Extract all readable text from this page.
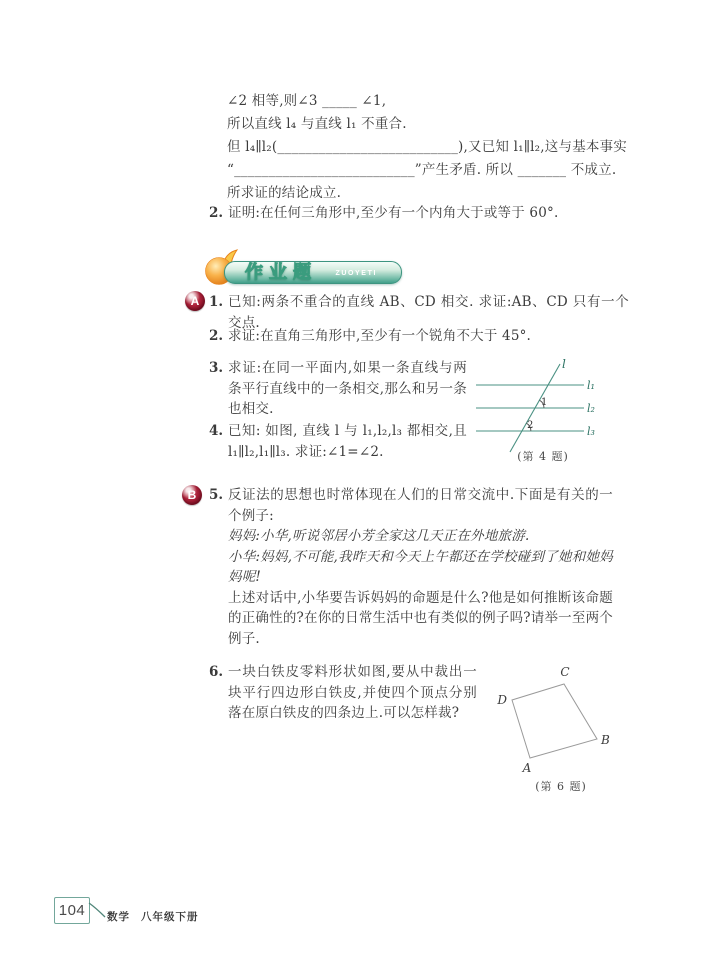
∠2 相等,则∠3 _____ ∠1,
所以直线 l₄ 与直线 l₁ 不重合.
但 l₄∥l₂(__________________________),又已知 l₁∥l₂,这与基本事实
“__________________________”产生矛盾. 所以 _______ 不成立.
所求证的结论成立.
2. 证明:在任何三角形中,至少有一个内角大于或等于 60°.
作业题	ZUOYETI
A 1. 已知:两条不重合的直线 AB、CD 相交. 求证:AB、CD 只有一个交点.
2. 求证:在直角三角形中,至少有一个锐角不大于 45°.
3. 求证:在同一平面内,如果一条直线与两条平行直线中的一条相交,那么和另一条也相交.
4. 已知: 如图, 直线 l 与 l₁,l₂,l₃ 都相交,且 l₁∥l₂,l₁∥l₃. 求证:∠1=∠2.
1
2
l
l₁
l₂
l₃
(第 4 题)
B 5. 反证法的思想也时常体现在人们的日常交流中.下面是有关的一个例子:

妈妈:小华,听说邻居小芳全家这几天正在外地旅游.

小华:妈妈,不可能,我昨天和今天上午都还在学校碰到了她和她妈妈呢!

上述对话中,小华要告诉妈妈的命题是什么?他是如何推断该命题的正确性的?在你的日常生活中也有类似的例子吗?请举一至两个例子.

6. 一块白铁皮零料形状如图,要从中裁出一块平行四边形白铁皮,并使四个顶点分别落在原白铁皮的四条边上.可以怎样裁?
A
B
C
D
(第 6 题)
104	数学 八年级下册
